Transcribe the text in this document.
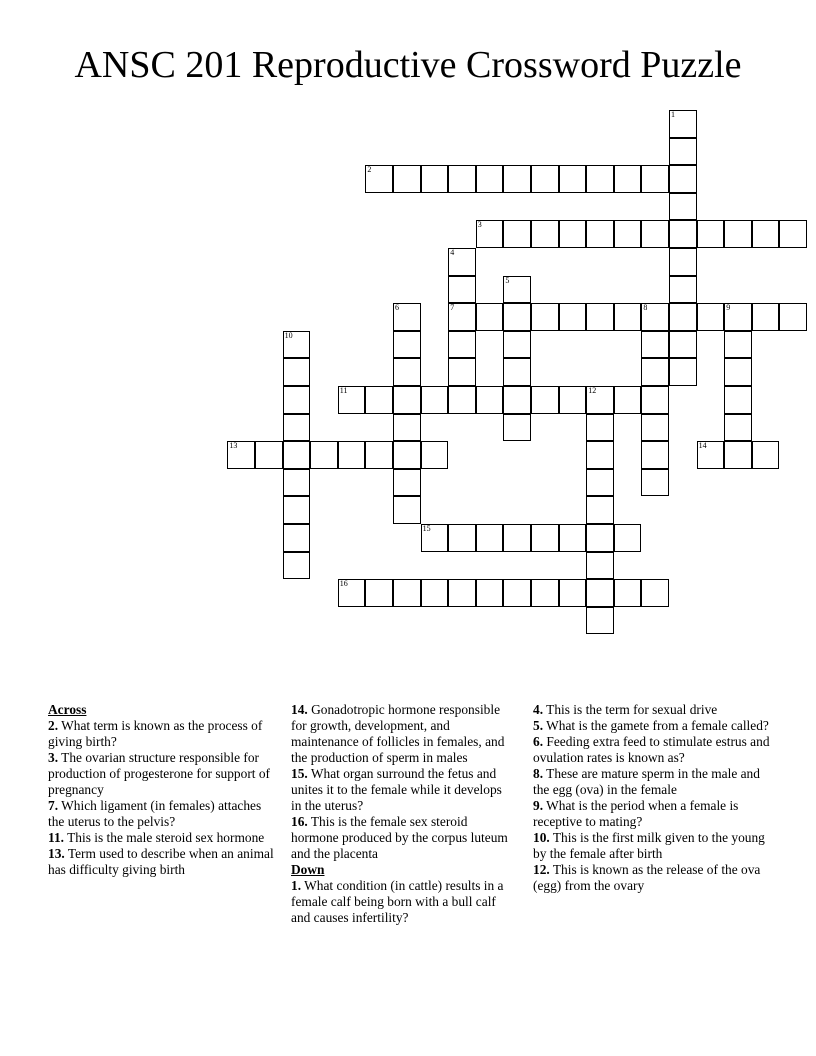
ANSC 201 Reproductive Crossword Puzzle
1
2
3
4
7
5
6	8	9
10
11	12
13	14
15
16
Across
2. What term is known as the process of giving birth?
3. The ovarian structure responsible for production of progesterone for support of pregnancy
7. Which ligament (in females) attaches the uterus to the pelvis?
11. This is the male steroid sex hormone
13. Term used to describe when an animal has difficulty giving birth
14. Gonadotropic hormone responsible for growth, development, and maintenance of follicles in females, and the production of sperm in males
15. What organ surround the fetus and unites it to the female while it develops in the uterus?
16. This is the female sex steroid hormone produced by the corpus luteum and the placenta
Down
1. What condition (in cattle) results in a female calf being born with a bull calf and causes infertility?
4. This is the term for sexual drive
5. What is the gamete from a female called?
6. Feeding extra feed to stimulate estrus and ovulation rates is known as?
8. These are mature sperm in the male and the egg (ova) in the female
9. What is the period when a female is receptive to mating?
10. This is the first milk given to the young by the female after birth
12. This is known as the release of the ova (egg) from the ovary
